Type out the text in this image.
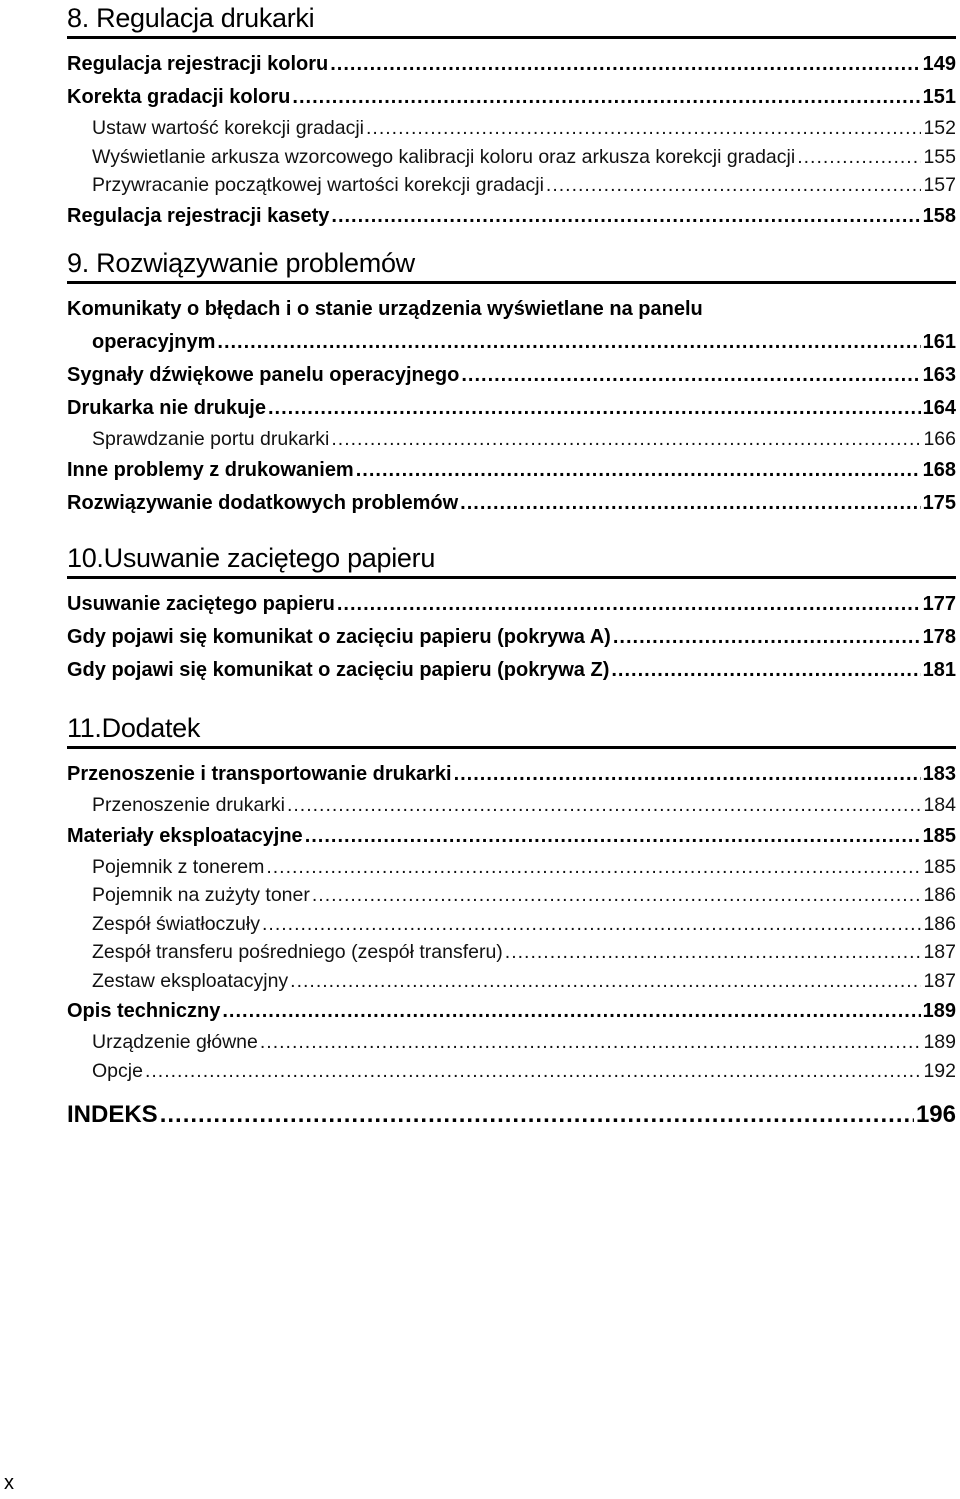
8. Regulacja drukarki
Regulacja rejestracji koloru .....	149
Korekta gradacji koloru .....	151
Ustaw wartość korekcji gradacji .....	152
Wyświetlanie arkusza wzorcowego kalibracji koloru oraz arkusza korekcji gradacji .....	155
Przywracanie początkowej wartości korekcji gradacji .....	157
Regulacja rejestracji kasety .....	158
9. Rozwiązywanie problemów
Komunikaty o błędach i o stanie urządzenia wyświetlane na panelu
operacyjnym .....	161
Sygnały dźwiękowe panelu operacyjnego .....	163
Drukarka nie drukuje .....	164
Sprawdzanie portu drukarki .....	166
Inne problemy z drukowaniem .....	168
Rozwiązywanie dodatkowych problemów .....	175
10.Usuwanie zaciętego papieru
Usuwanie zaciętego papieru .....	177
Gdy pojawi się komunikat o zacięciu papieru (pokrywa A) .....	178
Gdy pojawi się komunikat o zacięciu papieru (pokrywa Z) .....	181
11.Dodatek
Przenoszenie i transportowanie drukarki .....	183
Przenoszenie drukarki .....	184
Materiały eksploatacyjne .....	185
Pojemnik z tonerem .....	185
Pojemnik na zużyty toner .....	186
Zespół światłoczuły .....	186
Zespół transferu pośredniego (zespół transferu) .....	187
Zestaw eksploatacyjny .....	187
Opis techniczny .....	189
Urządzenie główne .....	189
Opcje .....	192
INDEKS .....	196
x
